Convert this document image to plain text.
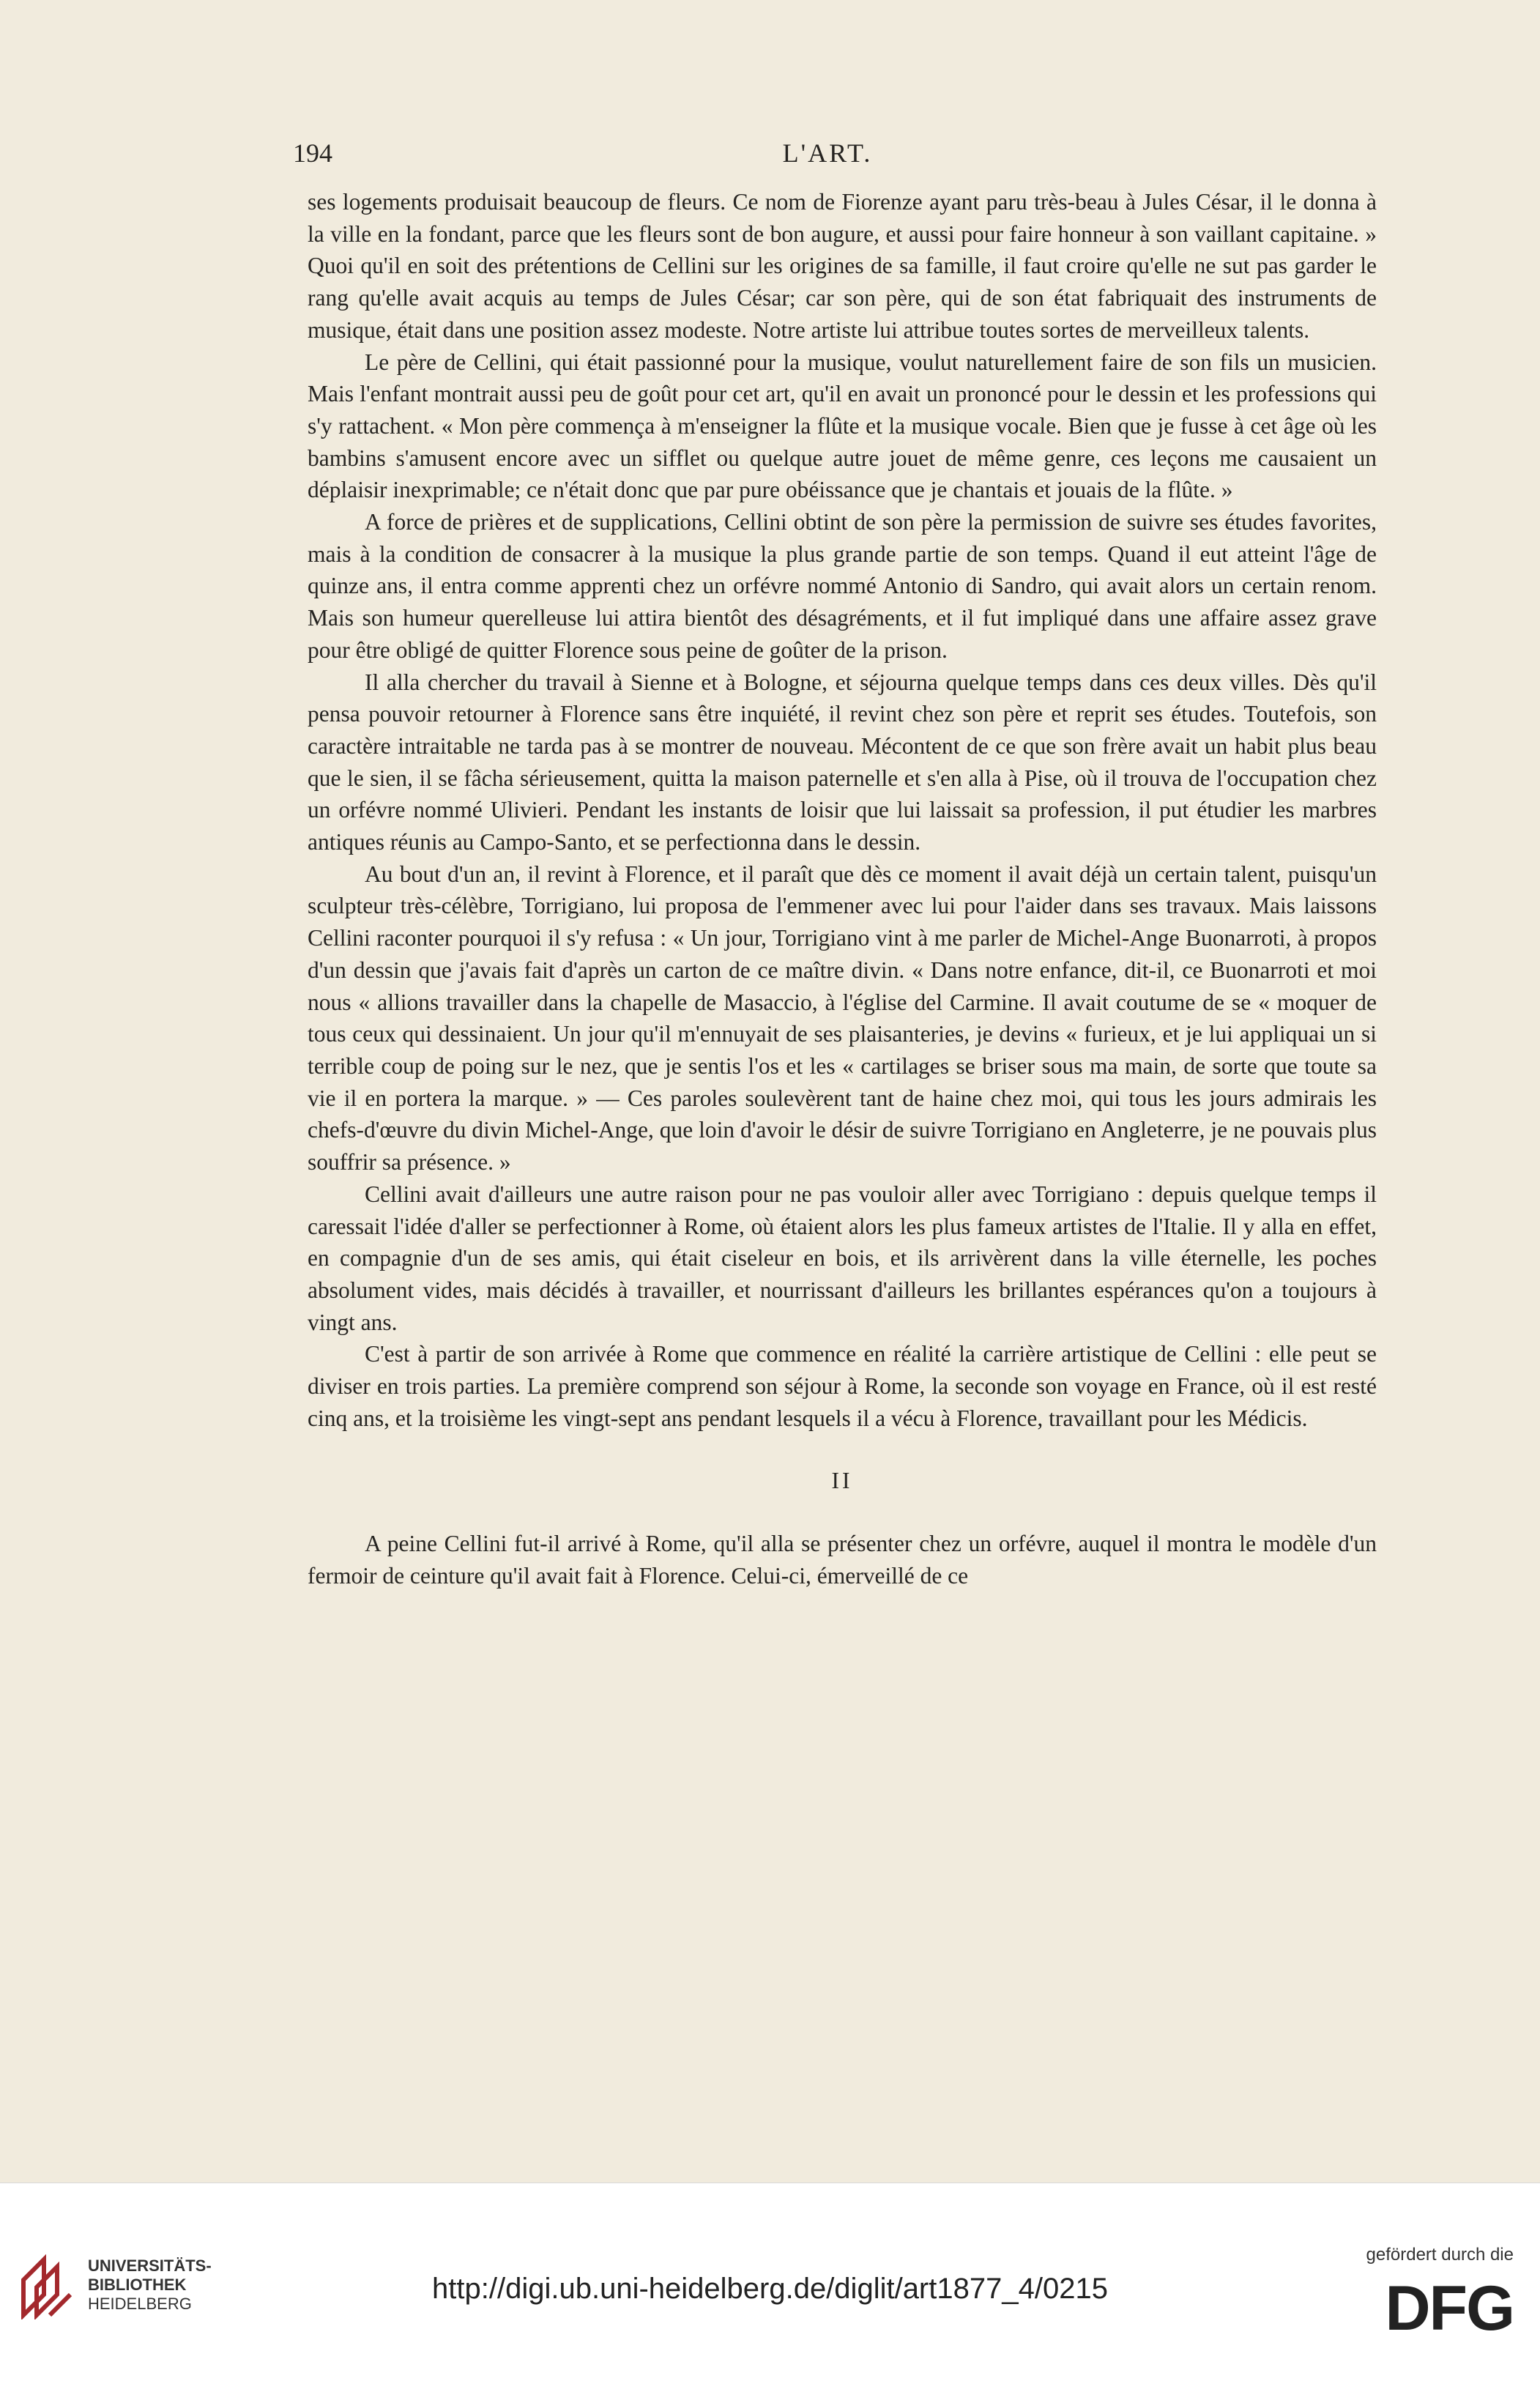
194	L'ART.

ses logements produisait beaucoup de fleurs. Ce nom de Fiorenze ayant paru très-beau à Jules César, il le donna à la ville en la fondant, parce que les fleurs sont de bon augure, et aussi pour faire honneur à son vaillant capitaine. » Quoi qu'il en soit des prétentions de Cellini sur les origines de sa famille, il faut croire qu'elle ne sut pas garder le rang qu'elle avait acquis au temps de Jules César; car son père, qui de son état fabriquait des instruments de musique, était dans une position assez modeste. Notre artiste lui attribue toutes sortes de merveilleux talents.

Le père de Cellini, qui était passionné pour la musique, voulut naturellement faire de son fils un musicien. Mais l'enfant montrait aussi peu de goût pour cet art, qu'il en avait un prononcé pour le dessin et les professions qui s'y rattachent. « Mon père commença à m'enseigner la flûte et la musique vocale. Bien que je fusse à cet âge où les bambins s'amusent encore avec un sifflet ou quelque autre jouet de même genre, ces leçons me causaient un déplaisir inexprimable; ce n'était donc que par pure obéissance que je chantais et jouais de la flûte. »

A force de prières et de supplications, Cellini obtint de son père la permission de suivre ses études favorites, mais à la condition de consacrer à la musique la plus grande partie de son temps. Quand il eut atteint l'âge de quinze ans, il entra comme apprenti chez un orfévre nommé Antonio di Sandro, qui avait alors un certain renom. Mais son humeur querelleuse lui attira bientôt des désagréments, et il fut impliqué dans une affaire assez grave pour être obligé de quitter Florence sous peine de goûter de la prison.

Il alla chercher du travail à Sienne et à Bologne, et séjourna quelque temps dans ces deux villes. Dès qu'il pensa pouvoir retourner à Florence sans être inquiété, il revint chez son père et reprit ses études. Toutefois, son caractère intraitable ne tarda pas à se montrer de nouveau. Mécontent de ce que son frère avait un habit plus beau que le sien, il se fâcha sérieusement, quitta la maison paternelle et s'en alla à Pise, où il trouva de l'occupation chez un orfévre nommé Ulivieri. Pendant les instants de loisir que lui laissait sa profession, il put étudier les marbres antiques réunis au Campo-Santo, et se perfectionna dans le dessin.

Au bout d'un an, il revint à Florence, et il paraît que dès ce moment il avait déjà un certain talent, puisqu'un sculpteur très-célèbre, Torrigiano, lui proposa de l'emmener avec lui pour l'aider dans ses travaux. Mais laissons Cellini raconter pourquoi il s'y refusa : « Un jour, Torrigiano vint à me parler de Michel-Ange Buonarroti, à propos d'un dessin que j'avais fait d'après un carton de ce maître divin. « Dans notre enfance, dit-il, ce Buonarroti et moi nous « allions travailler dans la chapelle de Masaccio, à l'église del Carmine. Il avait coutume de se « moquer de tous ceux qui dessinaient. Un jour qu'il m'ennuyait de ses plaisanteries, je devins « furieux, et je lui appliquai un si terrible coup de poing sur le nez, que je sentis l'os et les « cartilages se briser sous ma main, de sorte que toute sa vie il en portera la marque. » — Ces paroles soulevèrent tant de haine chez moi, qui tous les jours admirais les chefs-d'œuvre du divin Michel-Ange, que loin d'avoir le désir de suivre Torrigiano en Angleterre, je ne pouvais plus souffrir sa présence. »

Cellini avait d'ailleurs une autre raison pour ne pas vouloir aller avec Torrigiano : depuis quelque temps il caressait l'idée d'aller se perfectionner à Rome, où étaient alors les plus fameux artistes de l'Italie. Il y alla en effet, en compagnie d'un de ses amis, qui était ciseleur en bois, et ils arrivèrent dans la ville éternelle, les poches absolument vides, mais décidés à travailler, et nourrissant d'ailleurs les brillantes espérances qu'on a toujours à vingt ans.

C'est à partir de son arrivée à Rome que commence en réalité la carrière artistique de Cellini : elle peut se diviser en trois parties. La première comprend son séjour à Rome, la seconde son voyage en France, où il est resté cinq ans, et la troisième les vingt-sept ans pendant lesquels il a vécu à Florence, travaillant pour les Médicis.

II

A peine Cellini fut-il arrivé à Rome, qu'il alla se présenter chez un orfévre, auquel il montra le modèle d'un fermoir de ceinture qu'il avait fait à Florence. Celui-ci, émerveillé de ce

UNIVERSITÄTS-
BIBLIOTHEK
HEIDELBERG	http://digi.ub.uni-heidelberg.de/diglit/art1877_4/0215
gefördert durch die
DFG
